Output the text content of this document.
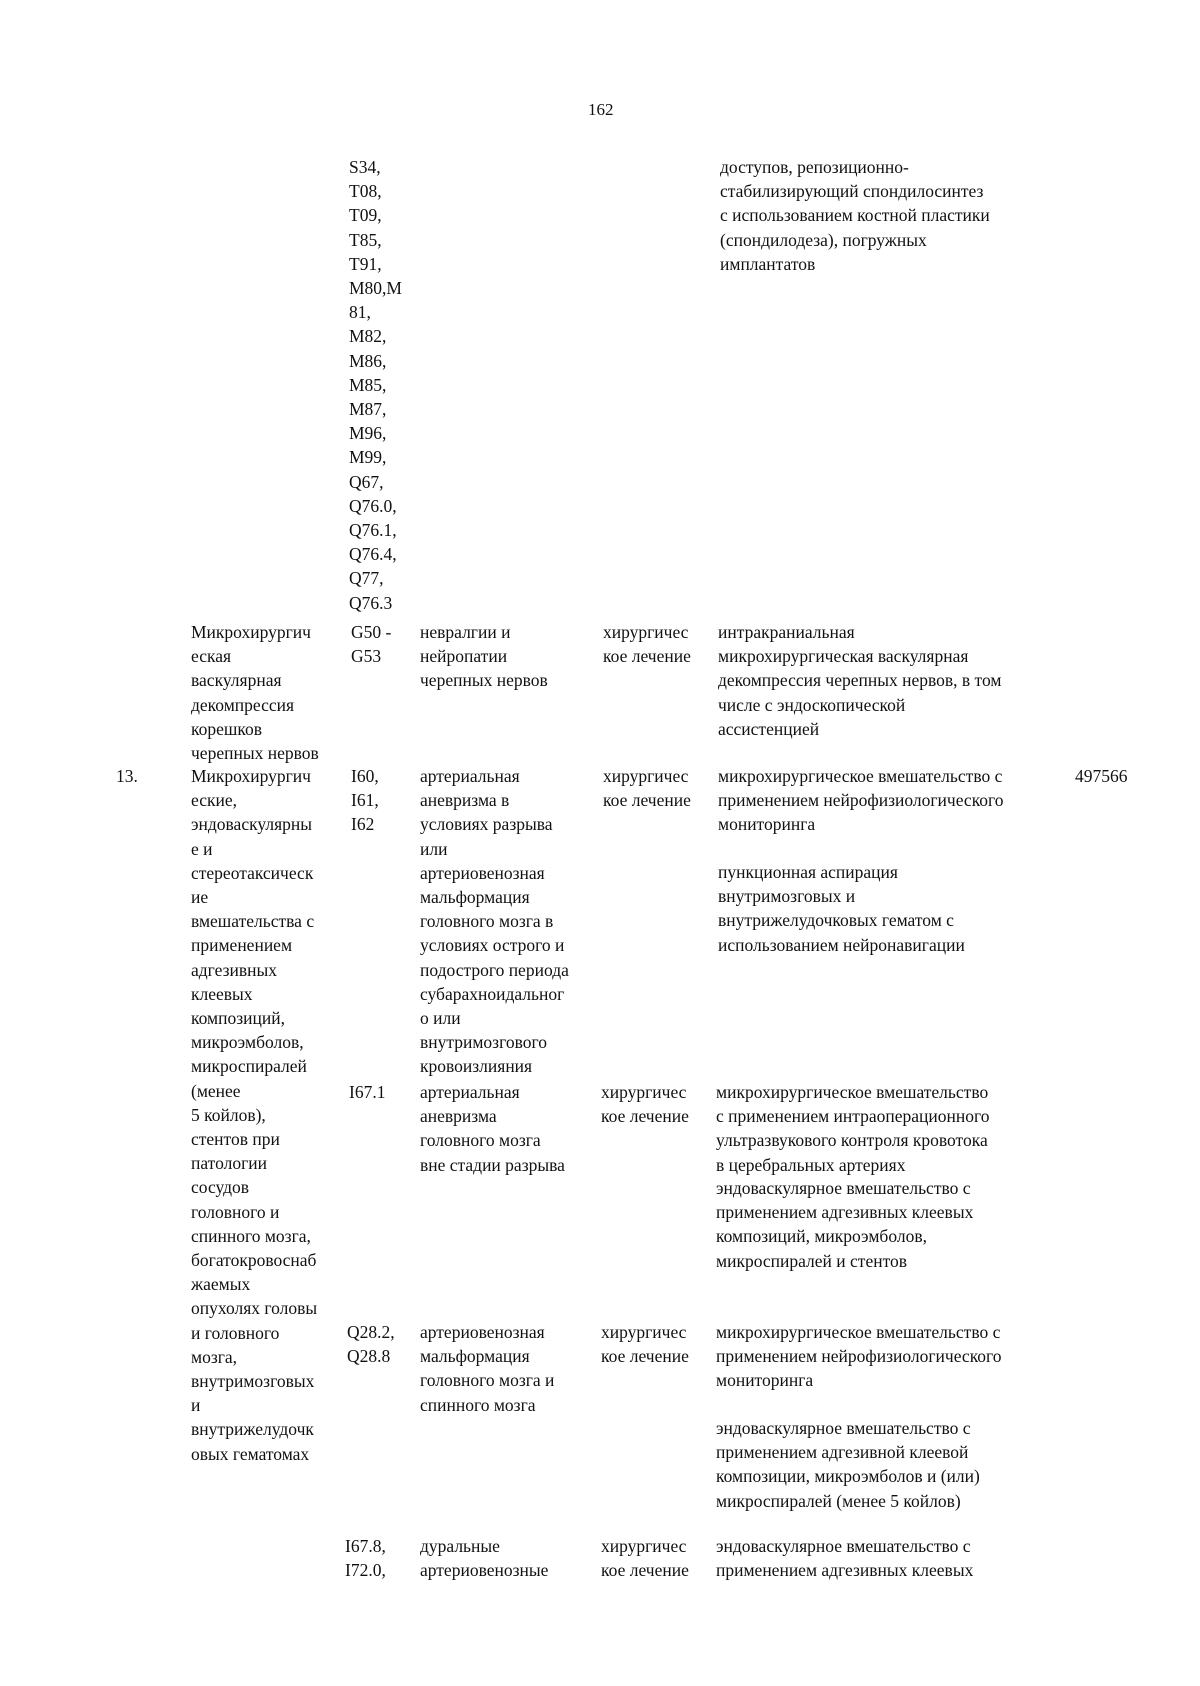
162
S34,
T08,
T09,
T85,
T91,
M80,M
81,
M82,
M86,
M85,
M87,
M96,
M99,
Q67,
Q76.0,
Q76.1,
Q76.4,
Q77,
Q76.3
доступов, репозиционно-
стабилизирующий спондилосинтез
с использованием костной пластики
(спондилодеза), погружных
имплантатов
Микрохирургич
еская
васкулярная
декомпрессия
корешков
черепных нервов
G50 -
G53
невралгии и
нейропатии
черепных нервов
хирургичес
кое лечение
интракраниальная
микрохирургическая васкулярная
декомпрессия черепных нервов, в том
числе с эндоскопической
ассистенцией
13.	Микрохирургич
еские,
эндоваскулярны
е и
стереотаксическ
ие
вмешательства с
применением
адгезивных
клеевых
композиций,
микроэмболов,
микроспиралей
(менее
5 койлов),
стентов при
патологии
сосудов
головного и
спинного мозга,
богатокровоснаб
жаемых
опухолях головы
и головного
мозга,
внутримозговых
и
внутрижелудочк
овых гематомах
I60,
I61,
I62
артериальная
аневризма в
условиях разрыва
или
артериовенозная
мальформация
головного мозга в
условиях острого и
подострого периода
субарахноидальног
о или
внутримозгового
кровоизлияния
хирургичес
кое лечение
микрохирургическое вмешательство с
применением нейрофизиологического
мониторинга
пункционная аспирация
внутримозговых и
внутрижелудочковых гематом с
использованием нейронавигации
497566
I67.1 артериальная
аневризма
головного мозга
вне стадии разрыва
хирургичес
кое лечение
микрохирургическое вмешательство
с применением интраоперационного
ультразвукового контроля кровотока
в церебральных артериях
эндоваскулярное вмешательство с
применением адгезивных клеевых
композиций, микроэмболов,
микроспиралей и стентов
Q28.2,
Q28.8
артериовенозная
мальформация
головного мозга и
спинного мозга
хирургичес
кое лечение
микрохирургическое вмешательство с
применением нейрофизиологического
мониторинга
эндоваскулярное вмешательство с
применением адгезивной клеевой
композиции, микроэмболов и (или)
микроспиралей (менее 5 койлов)
I67.8,
I72.0,
дуральные
артериовенозные
хирургичес
кое лечение
эндоваскулярное вмешательство с
применением адгезивных клеевых
